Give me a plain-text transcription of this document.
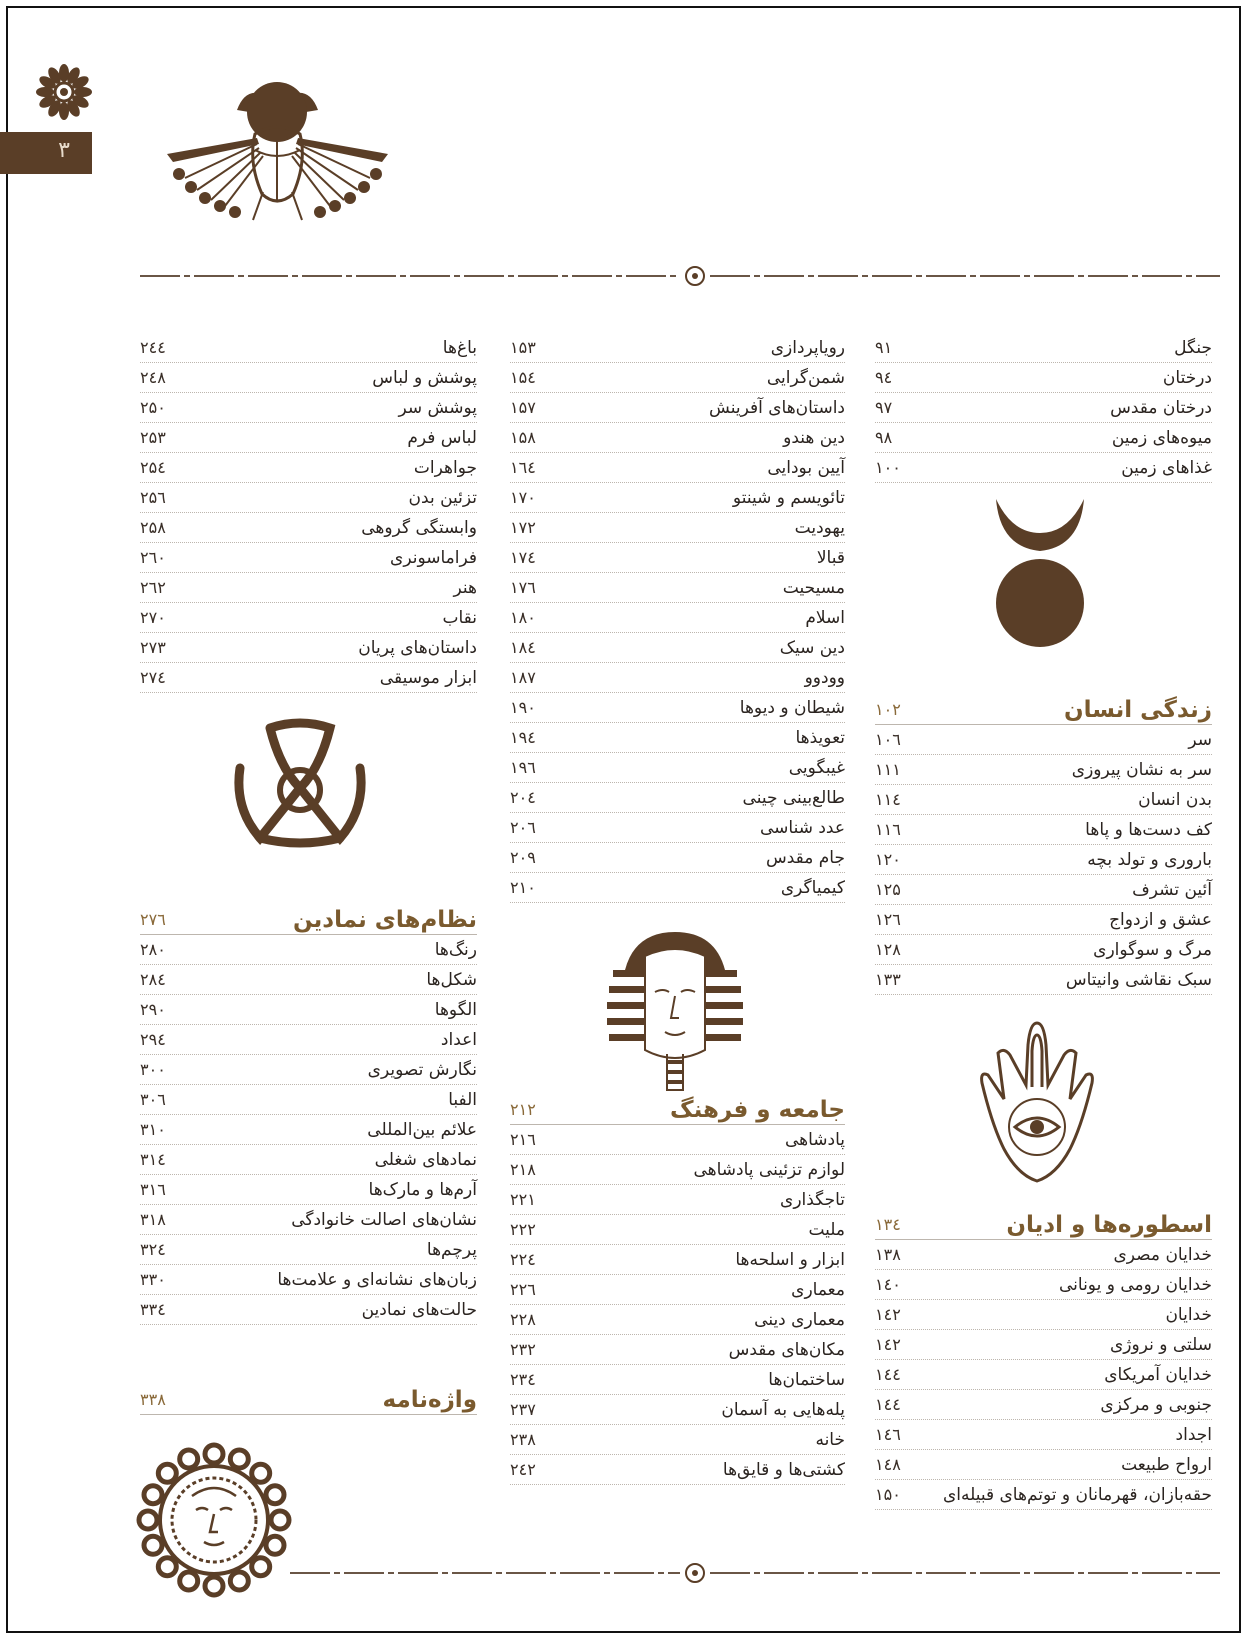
۳
جنگل
۹۱
درختان
۹٤
درختان مقدس
۹۷
میوه‌های زمین
۹۸
غذاهای زمین
۱۰۰
زندگی انسان
۱۰۲
سر
۱۰٦
سر به نشان پیروزی
۱۱۱
بدن انسان
۱۱٤
کف دست‌ها و پاها
۱۱٦
باروری و تولد بچه
۱۲۰
آئین تشرف
۱۲۵
عشق و ازدواج
۱۲٦
مرگ و سوگواری
۱۲۸
سبک نقاشی وانیتاس
۱۳۳
اسطوره‌ها و ادیان
۱۳٤
خدایان مصری
۱۳۸
خدایان رومی و یونانی
۱٤۰
خدایان
۱٤۲
سلتی و نروژی
۱٤۲
خدایان آمریکای
۱٤٤
جنوبی و مرکزی
۱٤٤
اجداد
۱٤٦
ارواح طبیعت
۱٤۸
حقه‌بازان، قهرمانان و توتم‌های قبیله‌ای
۱۵۰
رویاپردازی
۱۵۳
شمن‌گرایی
۱۵٤
داستان‌های آفرینش
۱۵۷
دین هندو
۱۵۸
آیین بودایی
۱٦٤
تائویسم و شینتو
۱۷۰
یهودیت
۱۷۲
قبالا
۱۷٤
مسیحیت
۱۷٦
اسلام
۱۸۰
دین سیک
۱۸٤
وودوو
۱۸۷
شیطان و دیوها
۱۹۰
تعویذها
۱۹٤
غیبگویی
۱۹٦
طالع‌بینی چینی
۲۰٤
عدد شناسی
۲۰٦
جام مقدس
۲۰۹
کیمیاگری
۲۱۰
جامعه و فرهنگ
۲۱۲
پادشاهی
۲۱٦
لوازم تزئینی پادشاهی
۲۱۸
تاجگذاری
۲۲۱
ملیت
۲۲۲
ابزار و اسلحه‌ها
۲۲٤
معماری
۲۲٦
معماری دینی
۲۲۸
مکان‌های مقدس
۲۳۲
ساختمان‌ها
۲۳٤
پله‌هایی به آسمان
۲۳۷
خانه
۲۳۸
کشتی‌ها و قایق‌ها
۲٤۲
باغ‌ها
۲٤٤
پوشش و لباس
۲٤۸
پوشش سر
۲۵۰
لباس فرم
۲۵۳
جواهرات
۲۵٤
تزئین بدن
۲۵٦
وابستگی گروهی
۲۵۸
فراماسونری
۲٦۰
هنر
۲٦۲
نقاب
۲۷۰
داستان‌های پریان
۲۷۳
ابزار موسیقی
۲۷٤
نظام‌های نمادین
۲۷٦
رنگ‌ها
۲۸۰
شکل‌ها
۲۸٤
الگوها
۲۹۰
اعداد
۲۹٤
نگارش تصویری
۳۰۰
الفبا
۳۰٦
علائم بین‌المللی
۳۱۰
نمادهای شغلی
۳۱٤
آرم‌ها و مارک‌ها
۳۱٦
نشان‌های اصالت خانوادگی
۳۱۸
پرچم‌ها
۳۲٤
زبان‌های نشانه‌ای و علامت‌ها
۳۳۰
حالت‌های نمادین
۳۳٤
واژه‌نامه
۳۳۸
